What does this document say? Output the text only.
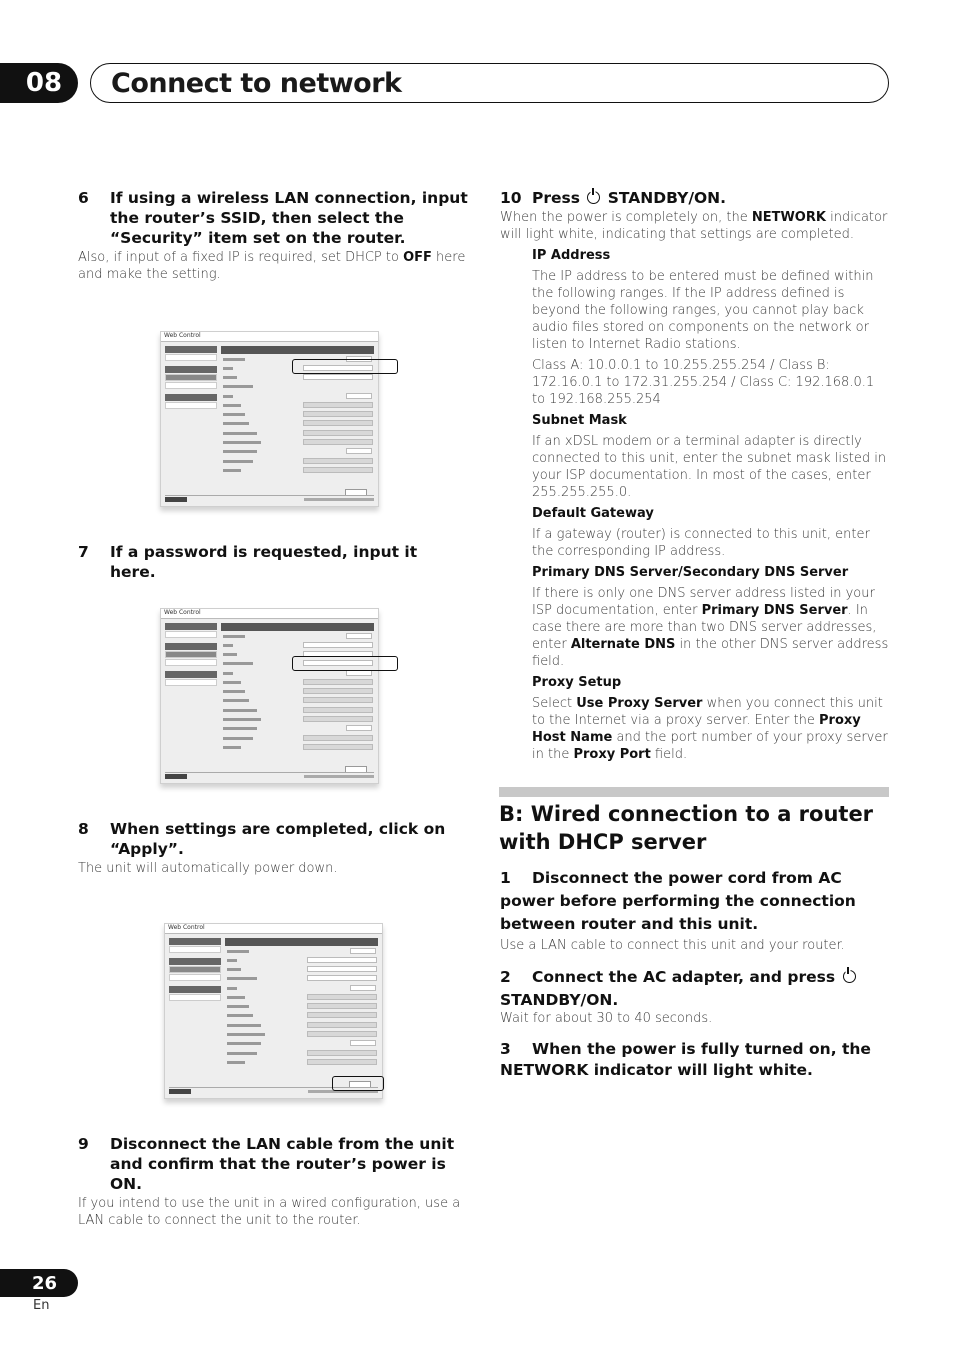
Connect to network
08
6	If using a wireless LAN connection, input the router’s SSID, then select the “Security” item set on the router.

Also, if input of a fixed IP is required, set DHCP to OFF here and make the setting.

Web Control
7	If a password is requested, input it here.
Web Control
8	When settings are completed, click on “Apply”.

The unit will automatically power down.

Web Control
9	Disconnect the LAN cable from the unit and confirm that the router’s power is ON.

If you intend to use the unit in a wired configuration, use a LAN cable to connect the unit to the router.

10 Press  STANDBY/ON.

When the power is completely on, the NETWORK indicator will light white, indicating that settings are completed.

IP Address

The IP address to be entered must be defined within the following ranges. If the IP address defined is beyond the following ranges, you cannot play back audio files stored on components on the network or listen to Internet Radio stations.

Class A: 10.0.0.1 to 10.255.255.254 / Class B: 172.16.0.1 to 172.31.255.254 / Class C: 192.168.0.1 to 192.168.255.254

Subnet Mask

If an xDSL modem or a terminal adapter is directly connected to this unit, enter the subnet mask listed in your ISP documentation. In most of the cases, enter 255.255.255.0.

Default Gateway

If a gateway (router) is connected to this unit, enter the corresponding IP address.

Primary DNS Server/Secondary DNS Server

If there is only one DNS server address listed in your ISP documentation, enter Primary DNS Server. In case there are more than two DNS server addresses, enter Alternate DNS in the other DNS server address field.

Proxy Setup

Select Use Proxy Server when you connect this unit to the Internet via a proxy server. Enter the Proxy Host Name and the port number of your proxy server in the Proxy Port field.

B: Wired connection to a router with DHCP server
1 Disconnect the power cord from AC power before performing the connection between router and this unit.

Use a LAN cable to connect this unit and your router.

2 Connect the AC adapter, and press  STANDBY/ON.

Wait for about 30 to 40 seconds.

3 When the power is fully turned on, the NETWORK indicator will light white.
26
En
